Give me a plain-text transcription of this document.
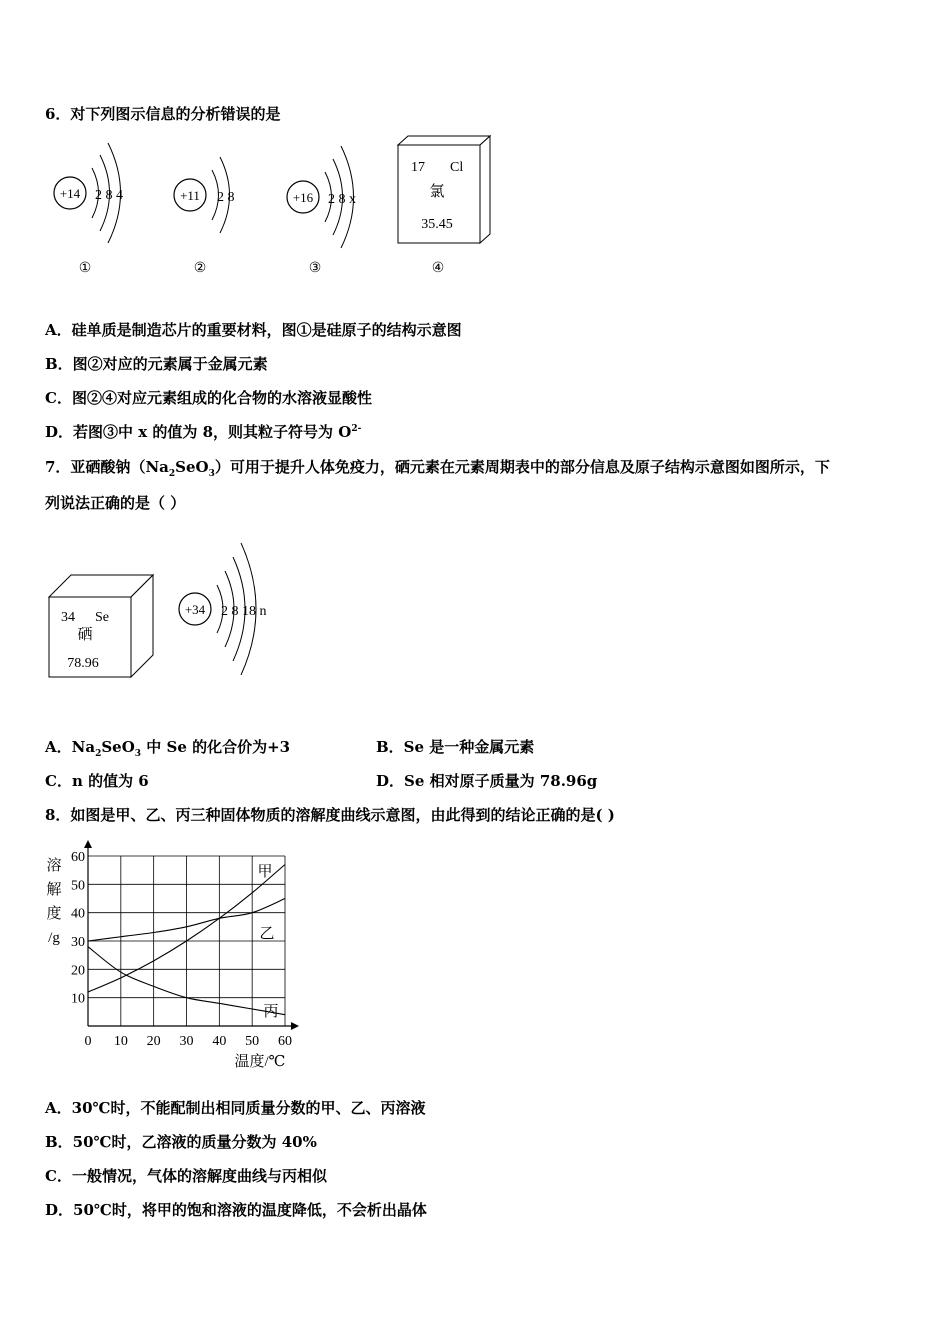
6．对下列图示信息的分析错误的是
+14 2 8 4
①
+11 2 8
②
+16 2 8 x
③
17 Cl
氯
35.45
④
A．硅单质是制造芯片的重要材料，图①是硅原子的结构示意图
B．图②对应的元素属于金属元素
C．图②④对应元素组成的化合物的水溶液显酸性
D．若图③中 x 的值为 8，则其粒子符号为 $O^{2-}$
7．亚硒酸钠$(Na_2SeO_3)$可用于提升人体免疫力，硒元素在元素周期表中的部分信息及原子结构示意图如图所示，下
列说法正确的是（ ）
34 Se
硒
78.96
+34 2 8 18 n
A．$Na_2SeO_3$ 中 Se 的化合价为+3	B．Se 是一种金属元素
C．n 的值为 6	D．Se 相对原子质量为 78.96g
8．如图是甲、乙、丙三种固体物质的溶解度曲线示意图，由此得到的结论正确的是( )
0 10 20 30 40 50 60
10
20
30
40
50
60
甲
乙
丙
溶
解
度
/g
温度/℃
A．30℃时，不能配制出相同质量分数的甲、乙、丙溶液
B．50℃时，乙溶液的质量分数为 40%
C．一般情况，气体的溶解度曲线与丙相似
D．50℃时，将甲的饱和溶液的温度降低，不会析出晶体
